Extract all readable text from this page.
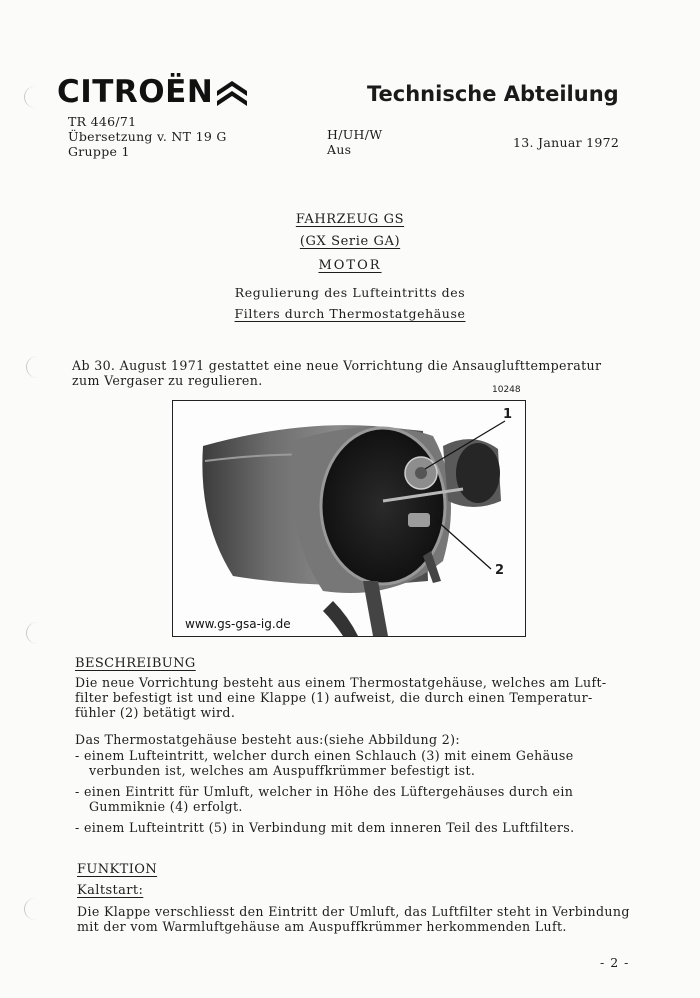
CITROËN	Technische Abteilung
TR 446/71
Übersetzung v. NT 19 G
Gruppe 1
H/UH/W
Aus	13. Januar 1972
FAHRZEUG GS
(GX Serie GA)
MOTOR
Regulierung des Lufteintritts des
Filters durch Thermostatgehäuse
Ab 30. August 1971 gestattet eine neue Vorrichtung die Ansauglufttemperatur
zum Vergaser zu regulieren.
10248
1
2
www.gs-gsa-ig.de
BESCHREIBUNG
Die neue Vorrichtung besteht aus einem Thermostatgehäuse, welches am Luft-
filter befestigt ist und eine Klappe (1) aufweist, die durch einen Temperatur-
fühler (2) betätigt wird.
Das Thermostatgehäuse besteht aus:(siehe Abbildung 2):
- einem Lufteintritt, welcher durch einen Schlauch (3) mit einem Gehäuse
verbunden ist, welches am Auspuffkrümmer befestigt ist.
- einen Eintritt für Umluft, welcher in Höhe des Lüftergehäuses durch ein
Gummiknie (4) erfolgt.
- einem Lufteintritt (5) in Verbindung mit dem inneren Teil des Luftfilters.
FUNKTION
Kaltstart:
Die Klappe verschliesst den Eintritt der Umluft, das Luftfilter steht in Verbindung
mit der vom Warmluftgehäuse am Auspuffkrümmer herkommenden Luft.
- 2 -
